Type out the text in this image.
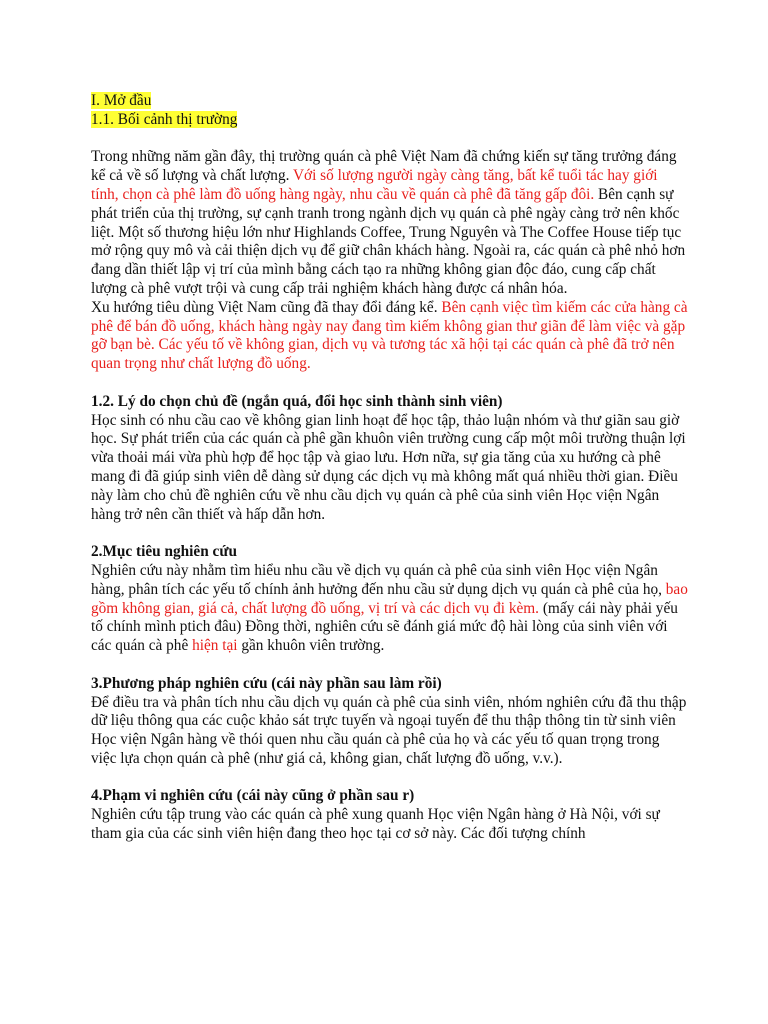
I. Mở đầu
1.1. Bối cảnh thị trường

Trong những năm gần đây, thị trường quán cà phê Việt Nam đã chứng kiến sự tăng trưởng đáng kể cả về số lượng và chất lượng. Với số lượng người ngày càng tăng, bất kể tuổi tác hay giới tính, chọn cà phê làm đồ uống hàng ngày, nhu cầu về quán cà phê đã tăng gấp đôi. Bên cạnh sự phát triển của thị trường, sự cạnh tranh trong ngành dịch vụ quán cà phê ngày càng trở nên khốc liệt. Một số thương hiệu lớn như Highlands Coffee, Trung Nguyên và The Coffee House tiếp tục mở rộng quy mô và cải thiện dịch vụ để giữ chân khách hàng. Ngoài ra, các quán cà phê nhỏ hơn đang dần thiết lập vị trí của mình bằng cách tạo ra những không gian độc đáo, cung cấp chất lượng cà phê vượt trội và cung cấp trải nghiệm khách hàng được cá nhân hóa.

Xu hướng tiêu dùng Việt Nam cũng đã thay đổi đáng kể. Bên cạnh việc tìm kiếm các cửa hàng cà phê để bán đồ uống, khách hàng ngày nay đang tìm kiếm không gian thư giãn để làm việc và gặp gỡ bạn bè. Các yếu tố về không gian, dịch vụ và tương tác xã hội tại các quán cà phê đã trở nên quan trọng như chất lượng đồ uống.

1.2. Lý do chọn chủ đề (ngắn quá, đổi học sinh thành sinh viên)

Học sinh có nhu cầu cao về không gian linh hoạt để học tập, thảo luận nhóm và thư giãn sau giờ học. Sự phát triển của các quán cà phê gần khuôn viên trường cung cấp một môi trường thuận lợi vừa thoải mái vừa phù hợp để học tập và giao lưu. Hơn nữa, sự gia tăng của xu hướng cà phê mang đi đã giúp sinh viên dễ dàng sử dụng các dịch vụ mà không mất quá nhiều thời gian. Điều này làm cho chủ đề nghiên cứu về nhu cầu dịch vụ quán cà phê của sinh viên Học viện Ngân hàng trở nên cần thiết và hấp dẫn hơn.

2.Mục tiêu nghiên cứu

Nghiên cứu này nhằm tìm hiểu nhu cầu về dịch vụ quán cà phê của sinh viên Học viện Ngân hàng, phân tích các yếu tố chính ảnh hưởng đến nhu cầu sử dụng dịch vụ quán cà phê của họ, bao gồm không gian, giá cả, chất lượng đồ uống, vị trí và các dịch vụ đi kèm. (mấy cái này phải yếu tố chính mình ptich đâu) Đồng thời, nghiên cứu sẽ đánh giá mức độ hài lòng của sinh viên với các quán cà phê hiện tại gần khuôn viên trường.

3.Phương pháp nghiên cứu (cái này phần sau làm rồi)

Để điều tra và phân tích nhu cầu dịch vụ quán cà phê của sinh viên, nhóm nghiên cứu đã thu thập dữ liệu thông qua các cuộc khảo sát trực tuyến và ngoại tuyến để thu thập thông tin từ sinh viên Học viện Ngân hàng về thói quen nhu cầu quán cà phê của họ và các yếu tố quan trọng trong việc lựa chọn quán cà phê (như giá cả, không gian, chất lượng đồ uống, v.v.).

4.Phạm vi nghiên cứu (cái này cũng ở phần sau r)

Nghiên cứu tập trung vào các quán cà phê xung quanh Học viện Ngân hàng ở Hà Nội, với sự tham gia của các sinh viên hiện đang theo học tại cơ sở này. Các đối tượng chính
